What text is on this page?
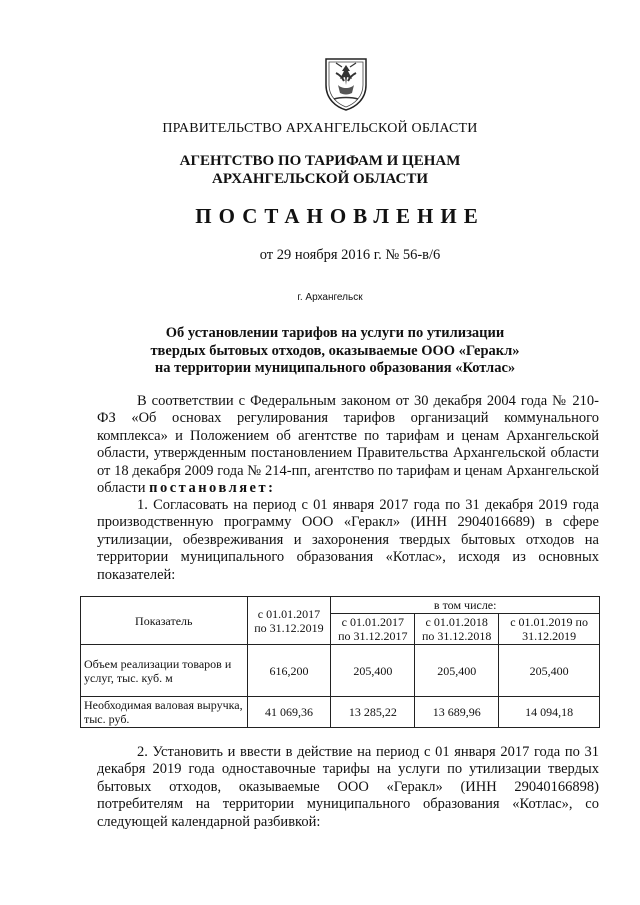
ПРАВИТЕЛЬСТВО АРХАНГЕЛЬСКОЙ ОБЛАСТИ
АГЕНТСТВО ПО ТАРИФАМ И ЦЕНАМ
АРХАНГЕЛЬСКОЙ ОБЛАСТИ
ПОСТАНОВЛЕНИЕ
от 29 ноября 2016 г. № 56-в/6
г. Архангельск
Об установлении тарифов на услуги по утилизации
твердых бытовых отходов, оказываемые ООО «Геракл»
на территории муниципального образования «Котлас»
В соответствии с Федеральным законом от 30 декабря 2004 года № 210-ФЗ «Об основах регулирования тарифов организаций коммунального комплекса» и Положением об агентстве по тарифам и ценам Архангельской области, утвержденным постановлением Правительства Архангельской области от 18 декабря 2009 года № 214-пп, агентство по тарифам и ценам Архангельской области постановляет:
1. Согласовать на период с 01 января 2017 года по 31 декабря 2019 года производственную программу ООО «Геракл» (ИНН 2904016689) в сфере утилизации, обезвреживания и захоронения твердых бытовых отходов на территории муниципального образования «Котлас», исходя из основных показателей:
Показатель	с 01.01.2017 по 31.12.2019	в том числе:		
		с 01.01.2017 по 31.12.2017	с 01.01.2018 по 31.12.2018	с 01.01.2019 по 31.12.2019
Объем реализации товаров и услуг, тыс. куб. м	616,200	205,400	205,400	205,400
Необходимая валовая выручка, тыс. руб.	41 069,36	13 285,22	13 689,96	14 094,18
2. Установить и ввести в действие на период с 01 января 2017 года по 31 декабря 2019 года одноставочные тарифы на услуги по утилизации твердых бытовых отходов, оказываемые ООО «Геракл» (ИНН 29040166898) потребителям на территории муниципального образования «Котлас», со следующей календарной разбивкой:
